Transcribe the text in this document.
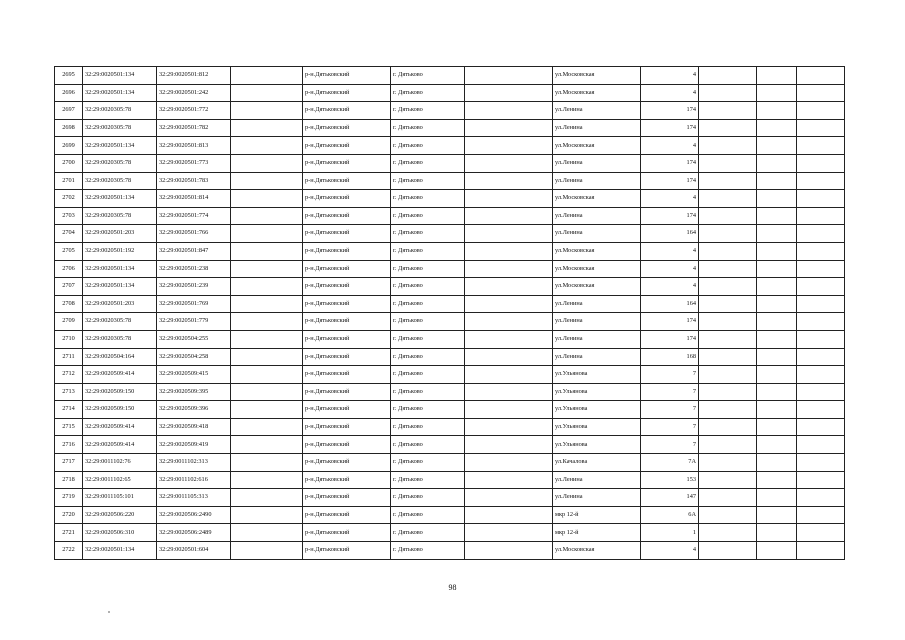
2695	32:29:0020501:134	32:29:0020501:812		р-н.Дятьковский	г. Дятьково		ул.Московская	4			
2696	32:29:0020501:134	32:29:0020501:242		р-н.Дятьковский	г. Дятьково		ул.Московская	4			
2697	32:29:0020305:78	32:29:0020501:772		р-н.Дятьковский	г. Дятьково		ул.Ленина	174			
2698	32:29:0020305:78	32:29:0020501:782		р-н.Дятьковский	г. Дятьково		ул.Ленина	174			
2699	32:29:0020501:134	32:29:0020501:813		р-н.Дятьковский	г. Дятьково		ул.Московская	4			
2700	32:29:0020305:78	32:29:0020501:773		р-н.Дятьковский	г. Дятьково		ул.Ленина	174			
2701	32:29:0020305:78	32:29:0020501:783		р-н.Дятьковский	г. Дятьково		ул.Ленина	174			
2702	32:29:0020501:134	32:29:0020501:814		р-н.Дятьковский	г. Дятьково		ул.Московская	4			
2703	32:29:0020305:78	32:29:0020501:774		р-н.Дятьковский	г. Дятьково		ул.Ленина	174			
2704	32:29:0020501:203	32:29:0020501:766		р-н.Дятьковский	г. Дятьково		ул.Ленина	164			
2705	32:29:0020501:192	32:29:0020501:847		р-н.Дятьковский	г. Дятьково		ул.Московская	4			
2706	32:29:0020501:134	32:29:0020501:238		р-н.Дятьковский	г. Дятьково		ул.Московская	4			
2707	32:29:0020501:134	32:29:0020501:239		р-н.Дятьковский	г. Дятьково		ул.Московская	4			
2708	32:29:0020501:203	32:29:0020501:769		р-н.Дятьковский	г. Дятьково		ул.Ленина	164			
2709	32:29:0020305:78	32:29:0020501:779		р-н.Дятьковский	г. Дятьково		ул.Ленина	174			
2710	32:29:0020305:78	32:29:0020504:255		р-н.Дятьковский	г. Дятьково		ул.Ленина	174			
2711	32:29:0020504:164	32:29:0020504:258		р-н.Дятьковский	г. Дятьково		ул.Ленина	168			
2712	32:29:0020509:414	32:29:0020509:415		р-н.Дятьковский	г. Дятьково		ул.Ульянова	7			
2713	32:29:0020509:150	32:29:0020509:395		р-н.Дятьковский	г. Дятьково		ул.Ульянова	7			
2714	32:29:0020509:150	32:29:0020509:396		р-н.Дятьковский	г. Дятьково		ул.Ульянова	7			
2715	32:29:0020509:414	32:29:0020509:418		р-н.Дятьковский	г. Дятьково		ул.Ульянова	7			
2716	32:29:0020509:414	32:29:0020509:419		р-н.Дятьковский	г. Дятьково		ул.Ульянова	7			
2717	32:29:0011102:76	32:29:0011102:313		р-н.Дятьковский	г. Дятьково		ул.Качалова	7А			
2718	32:29:0011102:65	32:29:0011102:616		р-н.Дятьковский	г. Дятьково		ул.Ленина	153			
2719	32:29:0011105:101	32:29:0011105:313		р-н.Дятьковский	г. Дятьково		ул.Ленина	147			
2720	32:29:0020506:220	32:29:0020506:2490		р-н.Дятьковский	г. Дятьково		мкр 12-й	6А			
2721	32:29:0020506:310	32:29:0020506:2489		р-н.Дятьковский	г. Дятьково		мкр 12-й	1			
2722	32:29:0020501:134	32:29:0020501:604		р-н.Дятьковский	г. Дятьково		ул.Московская	4			
98
